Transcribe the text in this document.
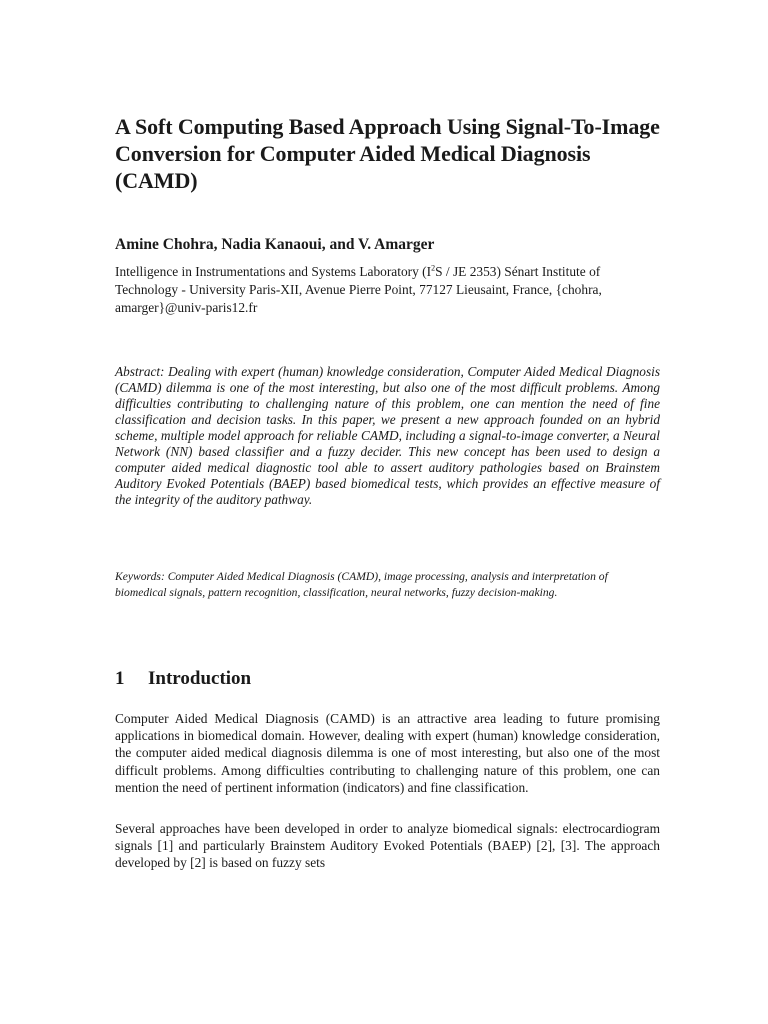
A Soft Computing Based Approach Using Signal-To-Image Conversion for Computer Aided Medical Diagnosis (CAMD)

Amine Chohra, Nadia Kanaoui, and V. Amarger

Intelligence in Instrumentations and Systems Laboratory ($I^2S$ / JE 2353) Sénart Institute of Technology - University Paris-XII, Avenue Pierre Point, 77127 Lieusaint, France, {chohra, amarger}@univ-paris12.fr

Abstract: Dealing with expert (human) knowledge consideration, Computer Aided Medical Diagnosis (CAMD) dilemma is one of the most interesting, but also one of the most difficult problems. Among difficulties contributing to challenging nature of this problem, one can mention the need of fine classification and decision tasks. In this paper, we present a new approach founded on an hybrid scheme, multiple model approach for reliable CAMD, including a signal-to-image converter, a Neural Network (NN) based classifier and a fuzzy decider. This new concept has been used to design a computer aided medical diagnostic tool able to assert auditory pathologies based on Brainstem Auditory Evoked Potentials (BAEP) based biomedical tests, which provides an effective measure of the integrity of the auditory pathway.

Keywords: Computer Aided Medical Diagnosis (CAMD), image processing, analysis and interpretation of biomedical signals, pattern recognition, classification, neural networks, fuzzy decision-making.

1 Introduction

Computer Aided Medical Diagnosis (CAMD) is an attractive area leading to future promising applications in biomedical domain. However, dealing with expert (human) knowledge consideration, the computer aided medical diagnosis dilemma is one of most interesting, but also one of the most difficult problems. Among difficulties contributing to challenging nature of this problem, one can mention the need of pertinent information (indicators) and fine classification.

Several approaches have been developed in order to analyze biomedical signals: electrocardiogram signals [1] and particularly Brainstem Auditory Evoked Potentials (BAEP) [2], [3]. The approach developed by [2] is based on fuzzy sets
